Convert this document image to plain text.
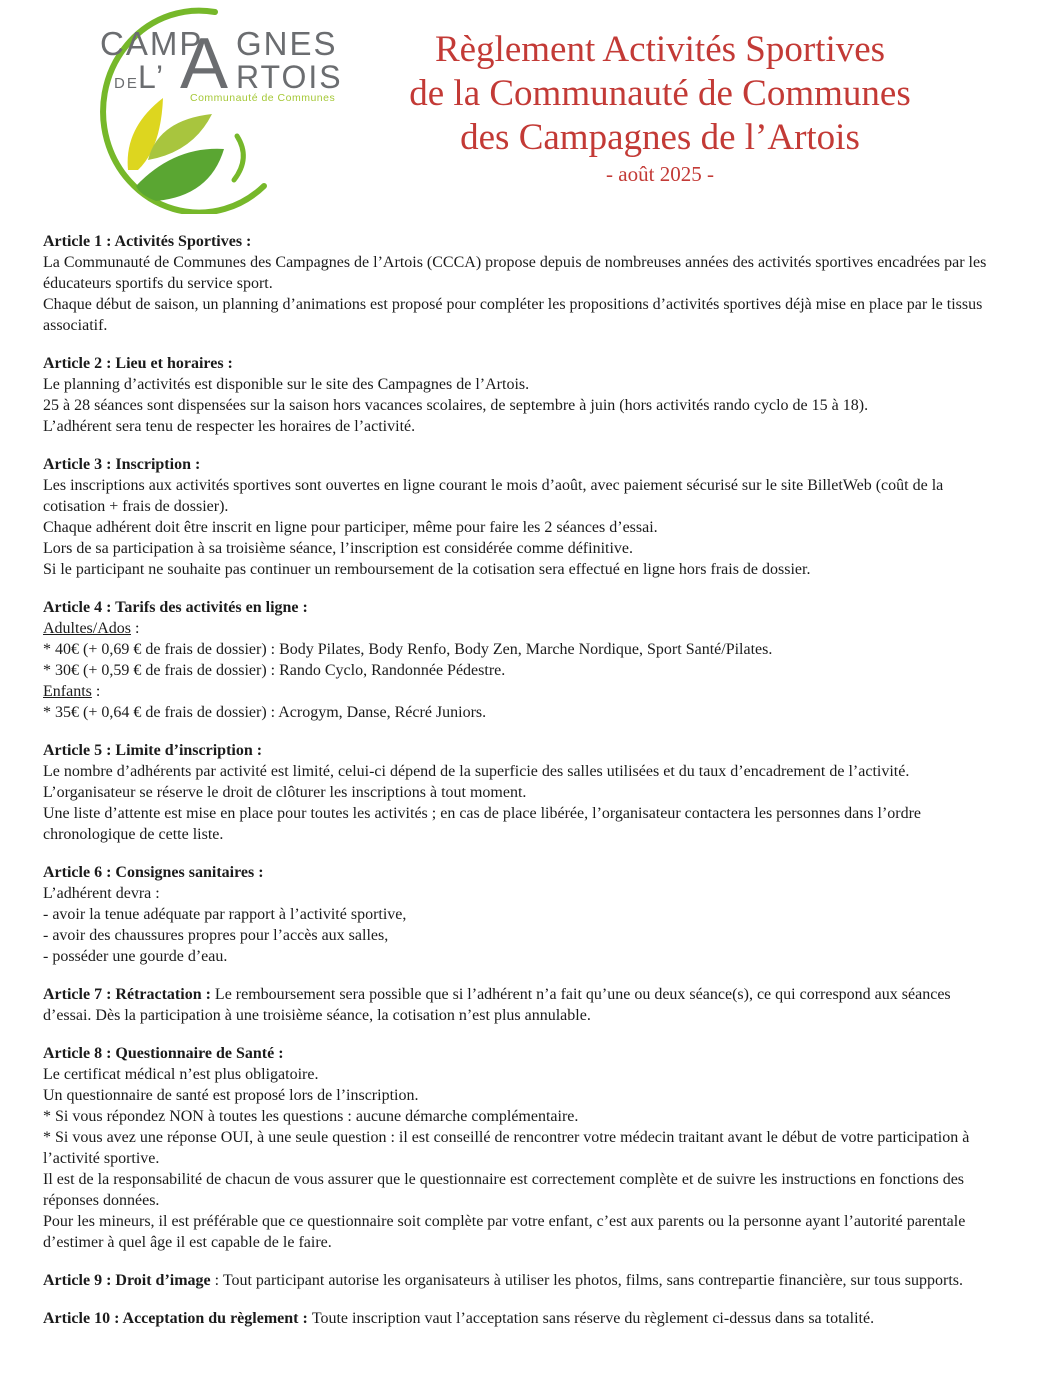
CAMP GNES
DE L’ A RTOIS
Communauté de Communes
Règlement Activités Sportives
de la Communauté de Communes
des Campagnes de l’Artois
- août 2025 -
Article 1 : Activités Sportives :

La Communauté de Communes des Campagnes de l’Artois (CCCA) propose depuis de nombreuses années des activités sportives encadrées par les éducateurs sportifs du service sport.

Chaque début de saison, un planning d’animations est proposé pour compléter les propositions d’activités sportives déjà mise en place par le tissus associatif.

Article 2 : Lieu et horaires :

Le planning d’activités est disponible sur le site des Campagnes de l’Artois.

25 à 28 séances sont dispensées sur la saison hors vacances scolaires, de septembre à juin (hors activités rando cyclo de 15 à 18).

L’adhérent sera tenu de respecter les horaires de l’activité.

Article 3 : Inscription :

Les inscriptions aux activités sportives sont ouvertes en ligne courant le mois d’août, avec paiement sécurisé sur le site BilletWeb (coût de la cotisation + frais de dossier).

Chaque adhérent doit être inscrit en ligne pour participer, même pour faire les 2 séances d’essai.

Lors de sa participation à sa troisième séance, l’inscription est considérée comme définitive.

Si le participant ne souhaite pas continuer un remboursement de la cotisation sera effectué en ligne hors frais de dossier.

Article 4 : Tarifs des activités en ligne :

Adultes/Ados :

* 40€ (+ 0,69 € de frais de dossier) : Body Pilates, Body Renfo, Body Zen, Marche Nordique, Sport Santé/Pilates.

* 30€ (+ 0,59 € de frais de dossier) : Rando Cyclo, Randonnée Pédestre.

Enfants :

* 35€ (+ 0,64 € de frais de dossier) : Acrogym, Danse, Récré Juniors.

Article 5 : Limite d’inscription :

Le nombre d’adhérents par activité est limité, celui-ci dépend de la superficie des salles utilisées et du taux d’encadrement de l’activité.

L’organisateur se réserve le droit de clôturer les inscriptions à tout moment.

Une liste d’attente est mise en place pour toutes les activités ; en cas de place libérée, l’organisateur contactera les personnes dans l’ordre chronologique de cette liste.

Article 6 : Consignes sanitaires :

L’adhérent devra :

- avoir la tenue adéquate par rapport à l’activité sportive,

- avoir des chaussures propres pour l’accès aux salles,

- posséder une gourde d’eau.

Article 7 : Rétractation : Le remboursement sera possible que si l’adhérent n’a fait qu’une ou deux séance(s), ce qui correspond aux séances d’essai. Dès la participation à une troisième séance, la cotisation n’est plus annulable.

Article 8 : Questionnaire de Santé :

Le certificat médical n’est plus obligatoire.

Un questionnaire de santé est proposé lors de l’inscription.

* Si vous répondez NON à toutes les questions : aucune démarche complémentaire.

* Si vous avez une réponse OUI, à une seule question : il est conseillé de rencontrer votre médecin traitant avant le début de votre participation à l’activité sportive.

Il est de la responsabilité de chacun de vous assurer que le questionnaire est correctement complète et de suivre les instructions en fonctions des réponses données.

Pour les mineurs, il est préférable que ce questionnaire soit complète par votre enfant, c’est aux parents ou la personne ayant l’autorité parentale d’estimer à quel âge il est capable de le faire.

Article 9 : Droit d’image : Tout participant autorise les organisateurs à utiliser les photos, films, sans contrepartie financière, sur tous supports.

Article 10 : Acceptation du règlement : Toute inscription vaut l’acceptation sans réserve du règlement ci-dessus dans sa totalité.
